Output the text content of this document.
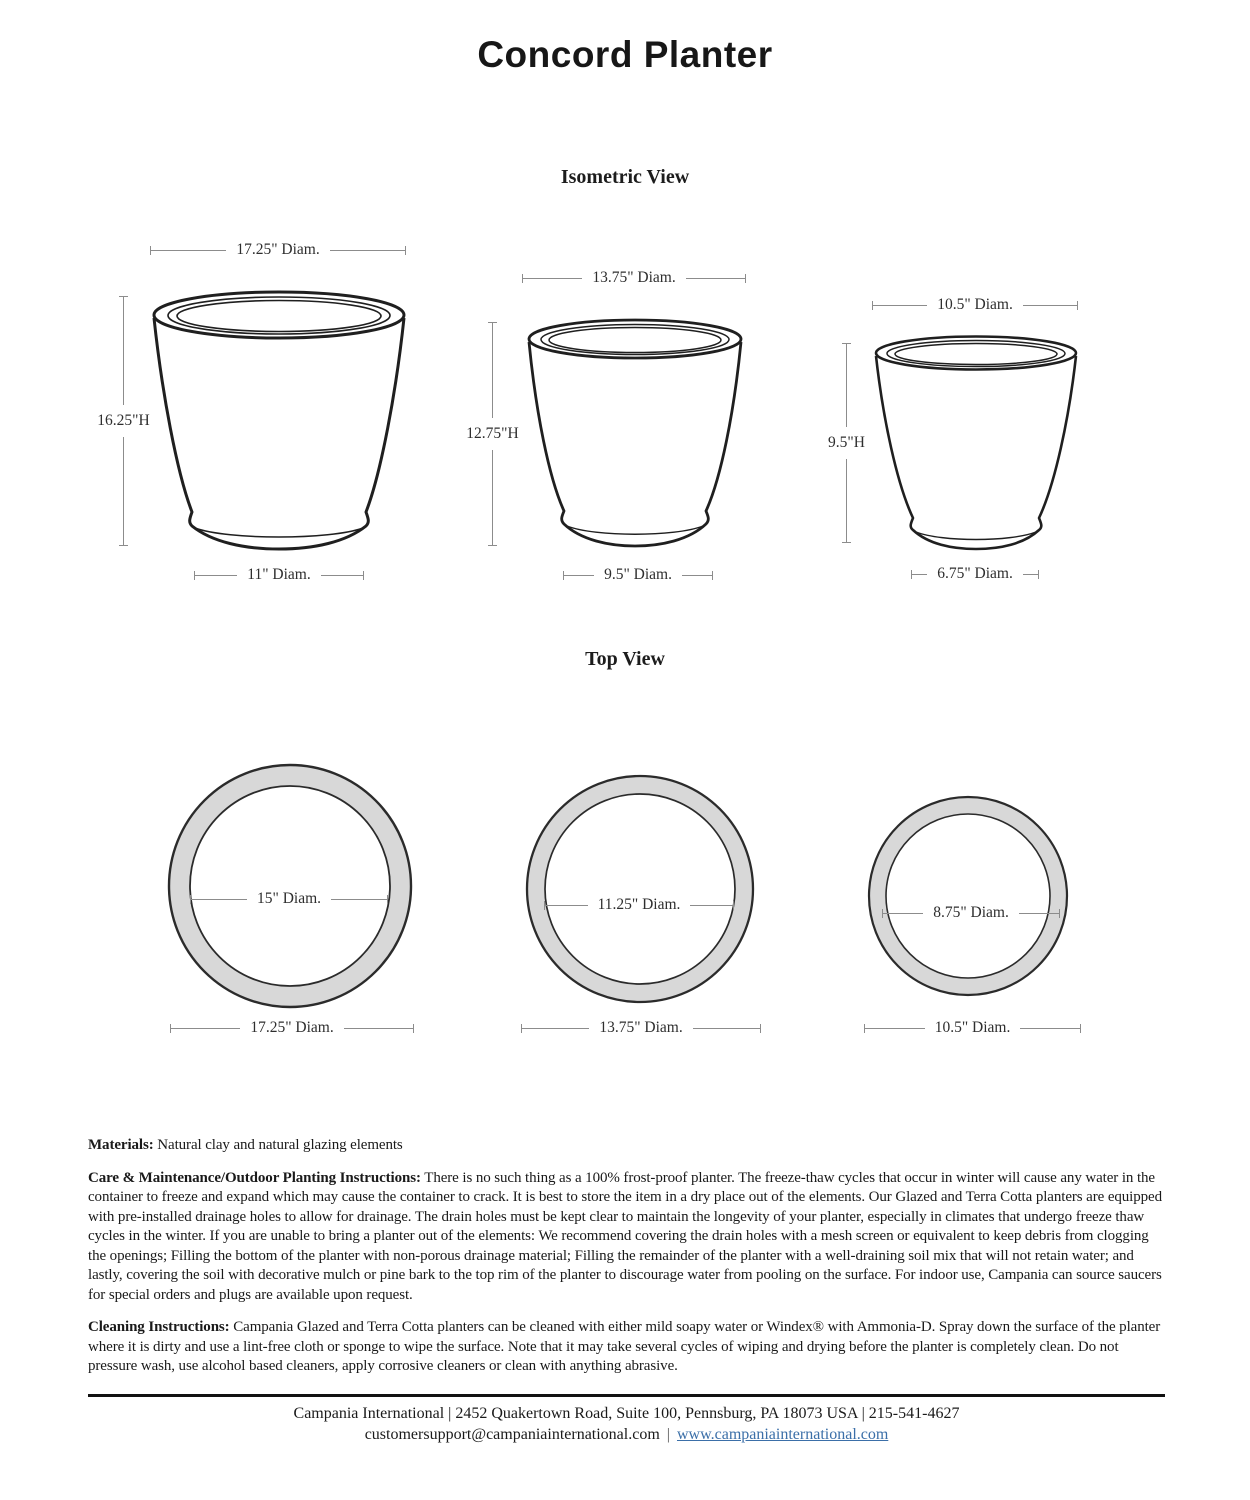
Concord Planter
Isometric View
17.25" Diam.
16.25"H
11" Diam.
13.75" Diam.
12.75"H
9.5" Diam.
10.5" Diam.
9.5"H
6.75" Diam.
Top View
15" Diam.
17.25" Diam.
11.25" Diam.
13.75" Diam.
8.75" Diam.
10.5" Diam.

Materials: Natural clay and natural glazing elements

Care & Maintenance/Outdoor Planting Instructions: There is no such thing as a 100% frost-proof planter. The freeze-thaw cycles that occur in winter will cause any water in the container to freeze and expand which may cause the container to crack. It is best to store the item in a dry place out of the elements. Our Glazed and Terra Cotta planters are equipped with pre-installed drainage holes to allow for drainage. The drain holes must be kept clear to maintain the longevity of your planter, especially in climates that undergo freeze thaw cycles in the winter. If you are unable to bring a planter out of the elements: We recommend covering the drain holes with a mesh screen or equivalent to keep debris from clogging the openings; Filling the bottom of the planter with non-porous drainage material; Filling the remainder of the planter with a well-draining soil mix that will not retain water; and lastly, covering the soil with decorative mulch or pine bark to the top rim of the planter to discourage water from pooling on the surface. For indoor use, Campania can source saucers for special orders and plugs are available upon request.

Cleaning Instructions: Campania Glazed and Terra Cotta planters can be cleaned with either mild soapy water or Windex® with Ammonia-D. Spray down the surface of the planter where it is dirty and use a lint-free cloth or sponge to wipe the surface. Note that it may take several cycles of wiping and drying before the planter is completely clean. Do not pressure wash, use alcohol based cleaners, apply corrosive cleaners or clean with anything abrasive.

Campania International | 2452 Quakertown Road, Suite 100, Pennsburg, PA 18073 USA | 215-541-4627
customersupport@campaniainternational.com | www.campaniainternational.com
